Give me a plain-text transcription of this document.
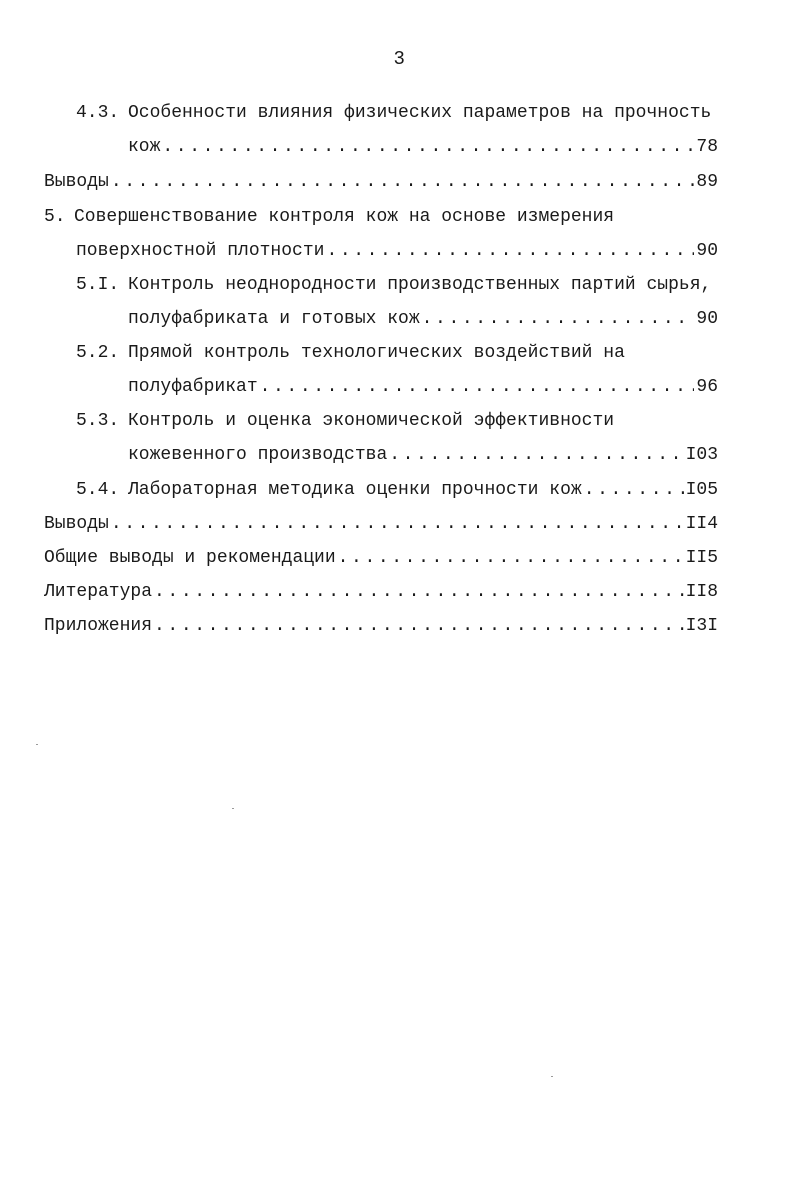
3
4.3. Особенности влияния физических параметров на прочность
кож .....	78
Выводы .....	89
5. Совершенствование контроля кож на основе измерения
поверхностной плотности .....	90
5.I. Контроль неоднородности производственных партий сырья,
полуфабриката и готовых кож .....	90
5.2. Прямой контроль технологических воздействий на
полуфабрикат .....	96
5.3. Контроль и оценка экономической эффективности
кожевенного производства .....	I03
5.4. Лабораторная методика оценки прочности кож .....	I05
Выводы .....	II4
Общие выводы и рекомендации .....	II5
Литература .....	II8
Приложения .....	I3I
